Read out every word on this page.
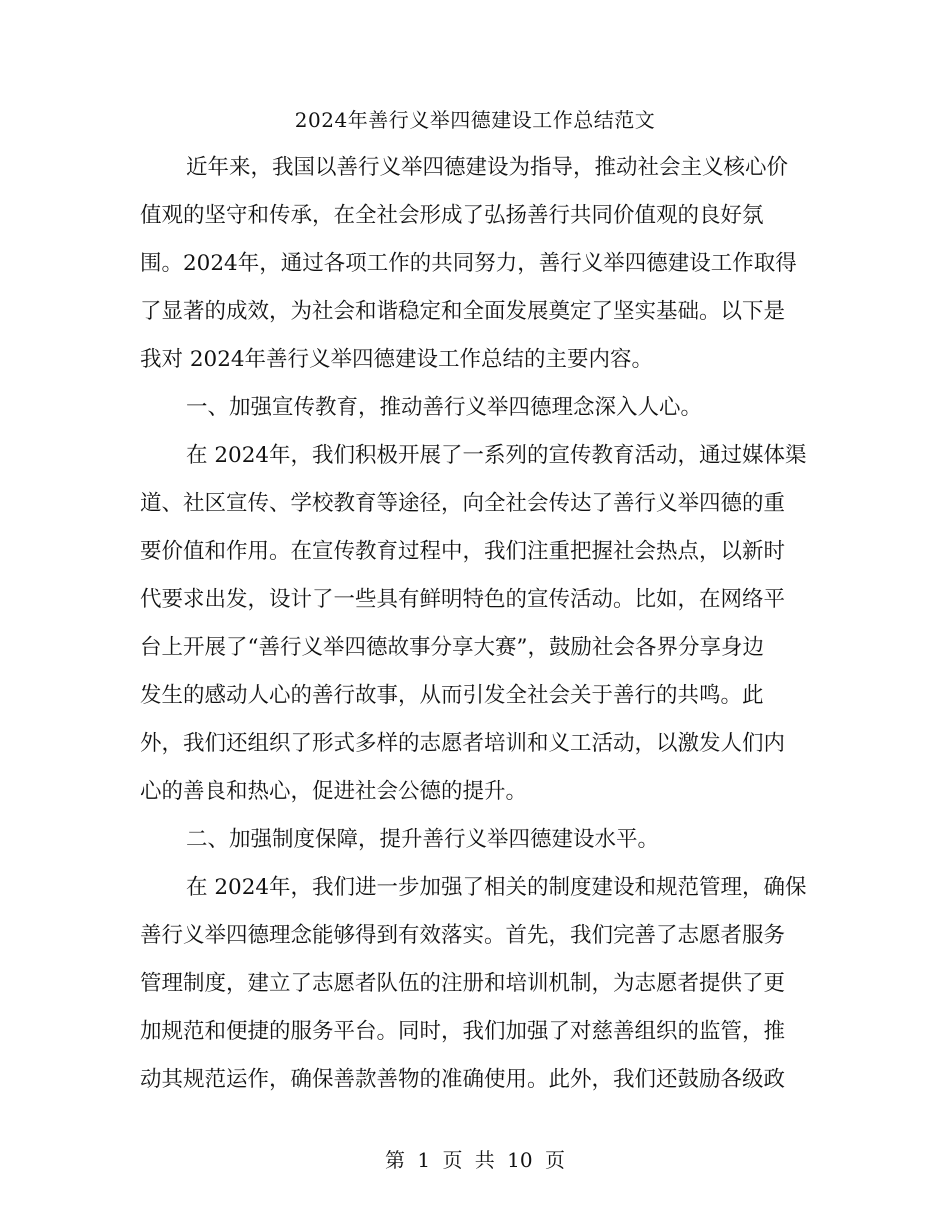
2024年善行义举四德建设工作总结范文
近年来，我国以善行义举四德建设为指导，推动社会主义核心价
值观的坚守和传承，在全社会形成了弘扬善行共同价值观的良好氛
围。2024年，通过各项工作的共同努力，善行义举四德建设工作取得
了显著的成效，为社会和谐稳定和全面发展奠定了坚实基础。以下是
我对 2024年善行义举四德建设工作总结的主要内容。
一、加强宣传教育，推动善行义举四德理念深入人心。
在 2024年，我们积极开展了一系列的宣传教育活动，通过媒体渠
道、社区宣传、学校教育等途径，向全社会传达了善行义举四德的重
要价值和作用。在宣传教育过程中，我们注重把握社会热点，以新时
代要求出发，设计了一些具有鲜明特色的宣传活动。比如，在网络平
台上开展了“善行义举四德故事分享大赛”，鼓励社会各界分享身边
发生的感动人心的善行故事，从而引发全社会关于善行的共鸣。此
外，我们还组织了形式多样的志愿者培训和义工活动，以激发人们内
心的善良和热心，促进社会公德的提升。
二、加强制度保障，提升善行义举四德建设水平。
在 2024年，我们进一步加强了相关的制度建设和规范管理，确保
善行义举四德理念能够得到有效落实。首先，我们完善了志愿者服务
管理制度，建立了志愿者队伍的注册和培训机制，为志愿者提供了更
加规范和便捷的服务平台。同时，我们加强了对慈善组织的监管，推
动其规范运作，确保善款善物的准确使用。此外，我们还鼓励各级政
第 1 页 共 10 页
